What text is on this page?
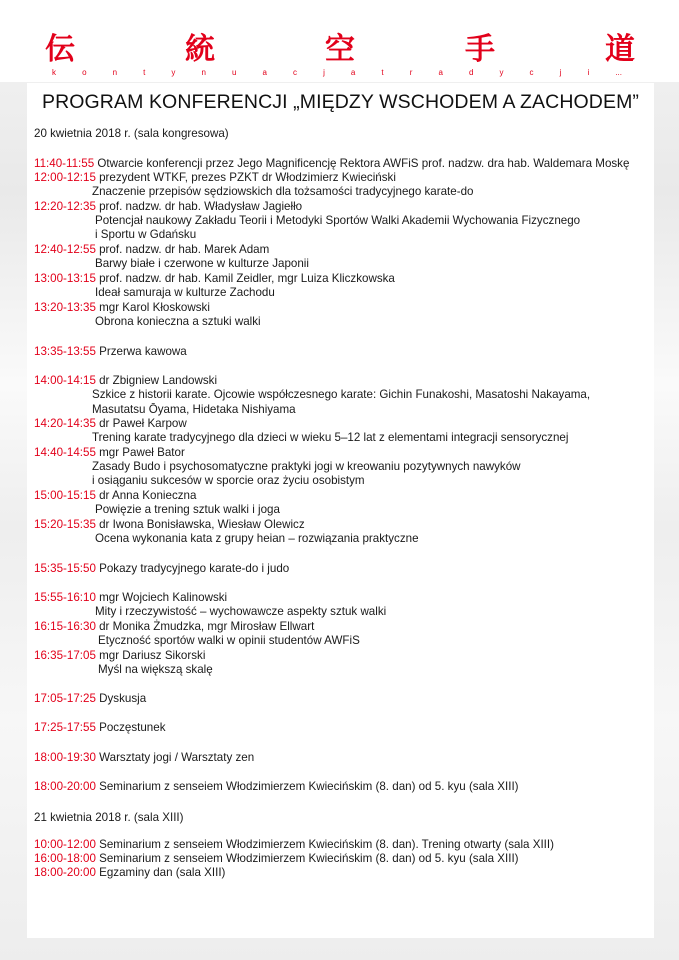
伝	統	空	手	道
k	o	n	t	y	n	u	a	c	j	a	t	r	a	d	y	c	j	i	...
PROGRAM KONFERENCJI „MIĘDZY WSCHODEM A ZACHODEM”
20 kwietnia 2018 r. (sala kongresowa)
21 kwietnia 2018 r. (sala XIII)
11:40-11:55 Otwarcie konferencji przez Jego Magnificencję Rektora AWFiS prof. nadzw. dra hab. Waldemara Moskę
12:00-12:15 prezydent WTKF, prezes PZKT dr Włodzimierz Kwieciński
Znaczenie przepisów sędziowskich dla tożsamości tradycyjnego karate-do
12:20-12:35 prof. nadzw. dr hab. Władysław Jagiełło
Potencjał naukowy Zakładu Teorii i Metodyki Sportów Walki Akademii Wychowania Fizycznego
i Sportu w Gdańsku
12:40-12:55 prof. nadzw. dr hab. Marek Adam
Barwy białe i czerwone w kulturze Japonii
13:00-13:15 prof. nadzw. dr hab. Kamil Zeidler, mgr Luiza Kliczkowska
Ideał samuraja w kulturze Zachodu
13:20-13:35 mgr Karol Kłoskowski
Obrona konieczna a sztuki walki
13:35-13:55 Przerwa kawowa
14:00-14:15 dr Zbigniew Landowski
Szkice z historii karate. Ojcowie współczesnego karate: Gichin Funakoshi, Masatoshi Nakayama,
Masutatsu Ōyama, Hidetaka Nishiyama
14:20-14:35 dr Paweł Karpow
Trening karate tradycyjnego dla dzieci w wieku 5–12 lat z elementami integracji sensorycznej
14:40-14:55 mgr Paweł Bator
Zasady Budo i psychosomatyczne praktyki jogi w kreowaniu pozytywnych nawyków
i osiąganiu sukcesów w sporcie oraz życiu osobistym
15:00-15:15 dr Anna Konieczna
Powięzie a trening sztuk walki i joga
15:20-15:35 dr Iwona Bonisławska, Wiesław Olewicz
Ocena wykonania kata z grupy heian – rozwiązania praktyczne
15:35-15:50 Pokazy tradycyjnego karate-do i judo
15:55-16:10 mgr Wojciech Kalinowski
Mity i rzeczywistość – wychowawcze aspekty sztuk walki
16:15-16:30 dr Monika Żmudzka, mgr Mirosław Ellwart
Etyczność sportów walki w opinii studentów AWFiS
16:35-17:05 mgr Dariusz Sikorski
Myśl na większą skalę
17:05-17:25 Dyskusja
17:25-17:55 Poczęstunek
18:00-19:30 Warsztaty jogi / Warsztaty zen
18:00-20:00 Seminarium z senseiem Włodzimierzem Kwiecińskim (8. dan) od 5. kyu (sala XIII)
10:00-12:00 Seminarium z senseiem Włodzimierzem Kwiecińskim (8. dan). Trening otwarty (sala XIII)
16:00-18:00 Seminarium z senseiem Włodzimierzem Kwiecińskim (8. dan) od 5. kyu (sala XIII)
18:00-20:00 Egzaminy dan (sala XIII)
